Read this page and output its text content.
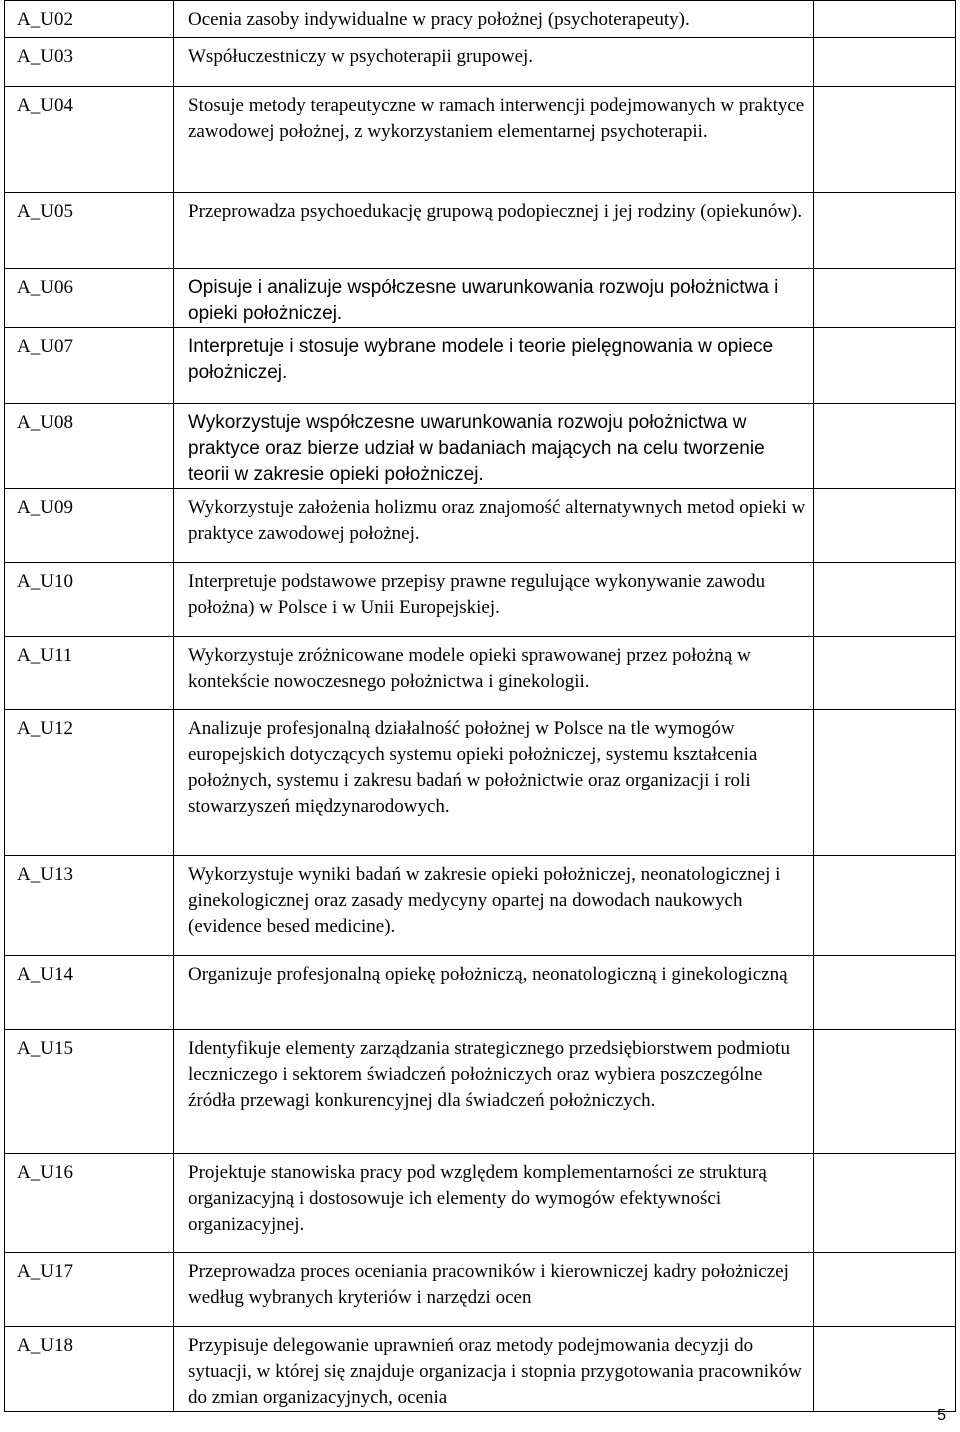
A_U02	Ocenia zasoby indywidualne w pracy położnej (psychoterapeuty).	
A_U03	Współuczestniczy w psychoterapii grupowej.	
A_U04	Stosuje metody terapeutyczne w ramach interwencji podejmowanych w praktyce zawodowej położnej, z wykorzystaniem elementarnej psychoterapii.	
A_U05	Przeprowadza psychoedukację grupową podopiecznej i jej rodziny (opiekunów).	
A_U06	Opisuje i analizuje współczesne uwarunkowania rozwoju położnictwa i opieki położniczej.	
A_U07	Interpretuje i stosuje wybrane modele i teorie pielęgnowania w opiece położniczej.	
A_U08	Wykorzystuje współczesne uwarunkowania rozwoju położnictwa w praktyce oraz bierze udział w badaniach mających na celu tworzenie teorii w zakresie opieki położniczej.	
A_U09	Wykorzystuje założenia holizmu oraz znajomość alternatywnych metod opieki w praktyce zawodowej położnej.	
A_U10	Interpretuje podstawowe przepisy prawne regulujące wykonywanie zawodu położna) w Polsce i w Unii Europejskiej.	
A_U11	Wykorzystuje zróżnicowane modele opieki sprawowanej przez położną w kontekście nowoczesnego położnictwa i ginekologii.	
A_U12	Analizuje profesjonalną działalność położnej w Polsce na tle wymogów europejskich dotyczących systemu opieki położniczej, systemu kształcenia położnych, systemu i zakresu badań w położnictwie oraz organizacji i roli stowarzyszeń międzynarodowych.	
A_U13	Wykorzystuje wyniki badań w zakresie opieki położniczej, neonatologicznej i ginekologicznej oraz zasady medycyny opartej na dowodach naukowych (evidence besed medicine).	
A_U14	Organizuje profesjonalną opiekę położniczą, neonatologiczną i ginekologiczną	
A_U15	Identyfikuje elementy zarządzania strategicznego przedsiębiorstwem podmiotu leczniczego i sektorem świadczeń położniczych oraz wybiera poszczególne źródła przewagi konkurencyjnej dla świadczeń położniczych.	
A_U16	Projektuje stanowiska pracy pod względem komplementarności ze strukturą organizacyjną i dostosowuje ich elementy do wymogów efektywności organizacyjnej.	
A_U17	Przeprowadza proces oceniania pracowników i kierowniczej kadry położniczej według wybranych kryteriów i narzędzi ocen	
A_U18	Przypisuje delegowanie uprawnień oraz metody podejmowania decyzji do sytuacji, w której się znajduje organizacja i stopnia przygotowania pracowników do zmian organizacyjnych, ocenia	
5
